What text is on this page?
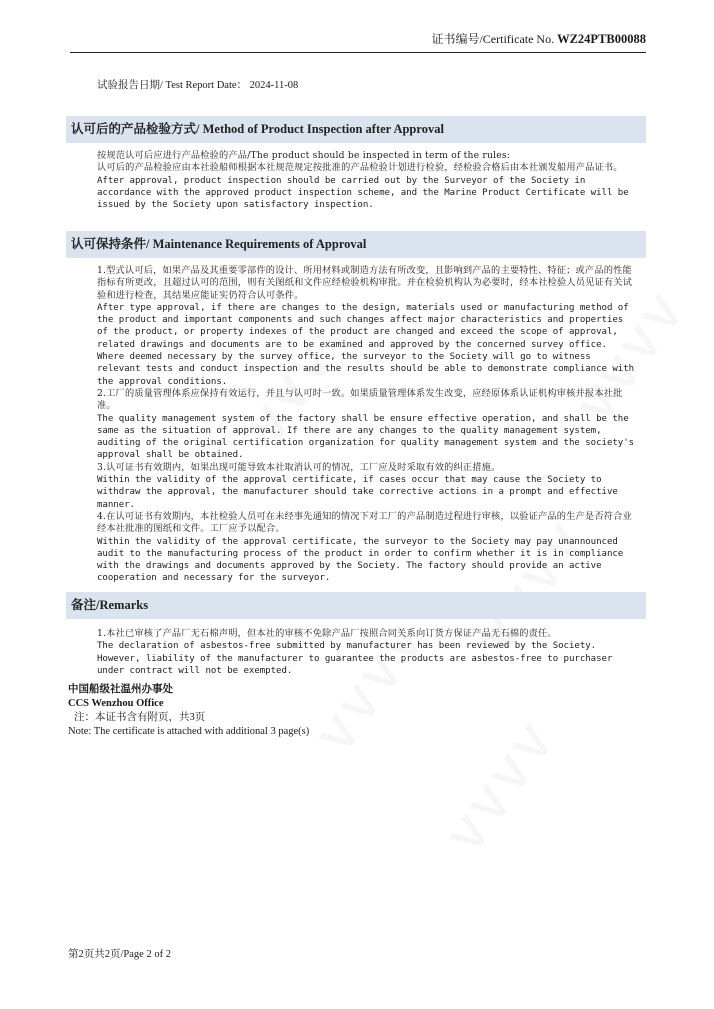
证书编号/Certificate No. WZ24PTB00088
试验报告日期/ Test Report Date： 2024-11-08
认可后的产品检验方式/ Method of Product Inspection after Approval

按规范认可后应进行产品检验的产品/The product should be inspected in term of the rules:

认可后的产品检验应由本社验船师根据本社规范规定按批准的产品检验计划进行检验，经检验合格后由本社颁发船用产品证书。

After approval, product inspection should be carried out by the Surveyor of the Society in accordance with the approved product inspection scheme, and the Marine Product Certificate will be issued by the Society upon satisfactory inspection.

认可保持条件/ Maintenance Requirements of Approval

1.型式认可后，如果产品及其重要零部件的设计、所用材料或制造方法有所改变，且影响到产品的主要特性、特征；或产品的性能指标有所更改，且超过认可的范围，则有关图纸和文件应经检验机构审批。并在检验机构认为必要时，经本社检验人员见证有关试验和进行检查，其结果应能证实仍符合认可条件。

After type approval, if there are changes to the design, materials used or manufacturing method of the product and important components and such changes affect major characteristics and properties of the product, or property indexes of the product are changed and exceed the scope of approval, related drawings and documents are to be examined and approved by the concerned survey office. Where deemed necessary by the survey office, the surveyor to the Society will go to witness relevant tests and conduct inspection and the results should be able to demonstrate compliance with the approval conditions.

2.工厂的质量管理体系应保持有效运行，并且与认可时一致。如果质量管理体系发生改变，应经原体系认证机构审核并报本社批准。

The quality management system of the factory shall be ensure effective operation, and shall be the same as the situation of approval. If there are any changes to the quality management system, auditing of the original certification organization for quality management system and the society's approval shall be obtained.

3.认可证书有效期内，如果出现可能导致本社取消认可的情况，工厂应及时采取有效的纠正措施。

Within the validity of the approval certificate, if cases occur that may cause the Society to withdraw the approval, the manufacturer should take corrective actions in a prompt and effective manner.

4.在认可证书有效期内，本社检验人员可在未经事先通知的情况下对工厂的产品制造过程进行审核，以验证产品的生产是否符合业经本社批准的图纸和文件。工厂应予以配合。

Within the validity of the approval certificate, the surveyor to the Society may pay unannounced audit to the manufacturing process of the product in order to confirm whether it is in compliance with the drawings and documents approved by the Society. The factory should provide an active cooperation and necessary for the surveyor.

备注/Remarks

1.本社已审核了产品厂无石棉声明，但本社的审核不免除产品厂按照合同关系向订货方保证产品无石棉的责任。

The declaration of asbestos-free submitted by manufacturer has been reviewed by the Society. However, liability of the manufacturer to guarantee the products are asbestos-free to purchaser under contract will not be exempted.

中国船级社温州办事处
CCS Wenzhou Office
注：本证书含有附页，共3页
Note: The certificate is attached with additional 3 page(s)
第2页共2页/Page 2 of 2
